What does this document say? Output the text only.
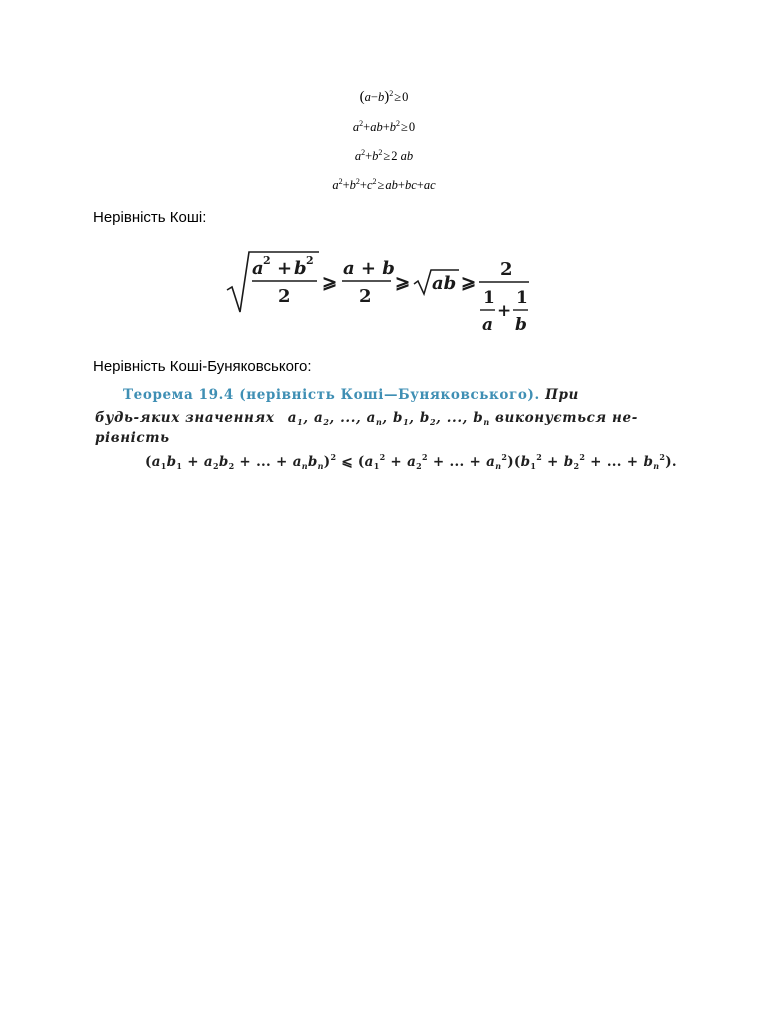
$(a-b)^2\ge 0$
$a^2+ab+b^2\ge 0$
$a^2+b^2\ge 2$ ab
$a^2+b^2+c^2\ge ab+bc+ac$
Нерівність Коші:
a 2 + b 2
2
⩾
a + b
2
⩾ ab ⩾
2
1
a
+
1
b
Нерівність Коші-Буняковського:
Теорема 19.4 (нерівність Коші—Буняковського). При
будь-яких значеннях $a_1$, $a_2$, ..., $a_n$, $b_1$, $b_2$, ..., $b_n$ виконується не-
рівність
($a_1b_1 + a_2b_2$ + ... + $a_nb_n)^2$ ⩽ ($a_1^2 + a_2^2$ + ... + $a_n^2)(b_1^2 + b_2^2$ + ... + $b_n^2$).
